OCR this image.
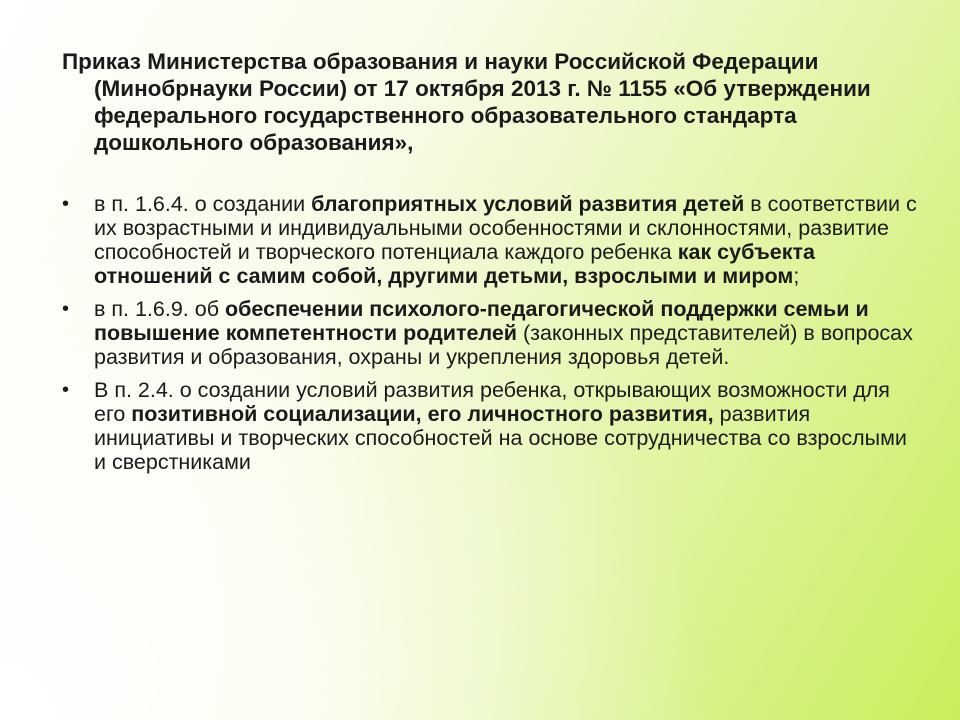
Приказ Министерства образования и науки Российской Федерации (Минобрнауки России) от 17 октября 2013 г. № 1155 «Об утверждении федерального государственного образовательного стандарта дошкольного образования»,

•	в п. 1.6.4. о создании благоприятных условий развития детей в соответствии с их возрастными и индивидуальными особенностями и склонностями, развитие способностей и творческого потенциала каждого ребенка как субъекта отношений с самим собой, другими детьми, взрослыми и миром;
•	в п. 1.6.9. об обеспечении психолого-педагогической поддержки семьи и повышение компетентности родителей (законных представителей) в вопросах развития и образования, охраны и укрепления здоровья детей.
•	В п. 2.4. о создании условий развития ребенка, открывающих возможности для его позитивной социализации, его личностного развития, развития инициативы и творческих способностей на основе сотрудничества со взрослыми и сверстниками
